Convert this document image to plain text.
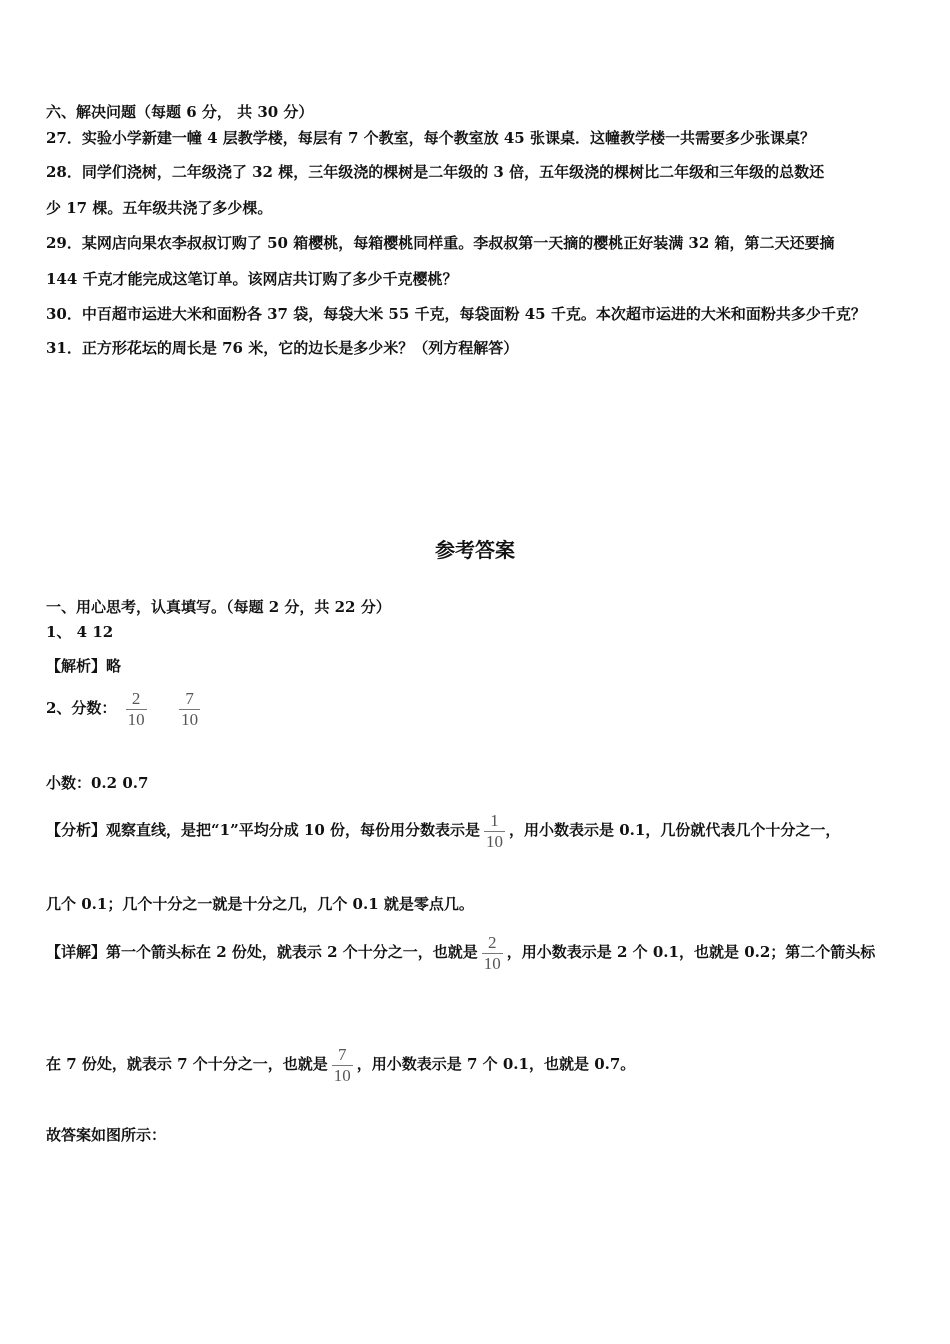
六、解决问题（每题 6 分， 共 30 分）
27．实验小学新建一幢 4 层教学楼，每层有 7 个教室，每个教室放 45 张课桌．这幢教学楼一共需要多少张课桌？
28．同学们浇树，二年级浇了 32 棵，三年级浇的棵树是二年级的 3 倍，五年级浇的棵树比二年级和三年级的总数还
少 17 棵。五年级共浇了多少棵。
29．某网店向果农李叔叔订购了 50 箱樱桃，每箱樱桃同样重。李叔叔第一天摘的樱桃正好装满 32 箱，第二天还要摘
144 千克才能完成这笔订单。该网店共订购了多少千克樱桃？
30．中百超市运进大米和面粉各 37 袋，每袋大米 55 千克，每袋面粉 45 千克。本次超市运进的大米和面粉共多少千克？
31．正方形花坛的周长是 76 米，它的边长是多少米？（列方程解答）
参考答案
一、用心思考，认真填写。（每题 2 分，共 22 分）
1、 4 12
【解析】略
2、分数： $\frac{2}{10}$
$\frac{7}{10}$
小数：0.2 0.7
【分析】观察直线，是把“1”平均分成 10 份，每份用分数表示是 $\frac{1}{10}$ ，用小数表示是 0.1，几份就代表几个十分之一，
几个 0.1；几个十分之一就是十分之几，几个 0.1 就是零点几。
【详解】第一个箭头标在 2 份处，就表示 2 个十分之一，也就是 $\frac{2}{10}$ ，用小数表示是 2 个 0.1，也就是 0.2；第二个箭头标
在 7 份处，就表示 7 个十分之一，也就是 $\frac{7}{10}$ ，用小数表示是 7 个 0.1，也就是 0.7。
故答案如图所示：
